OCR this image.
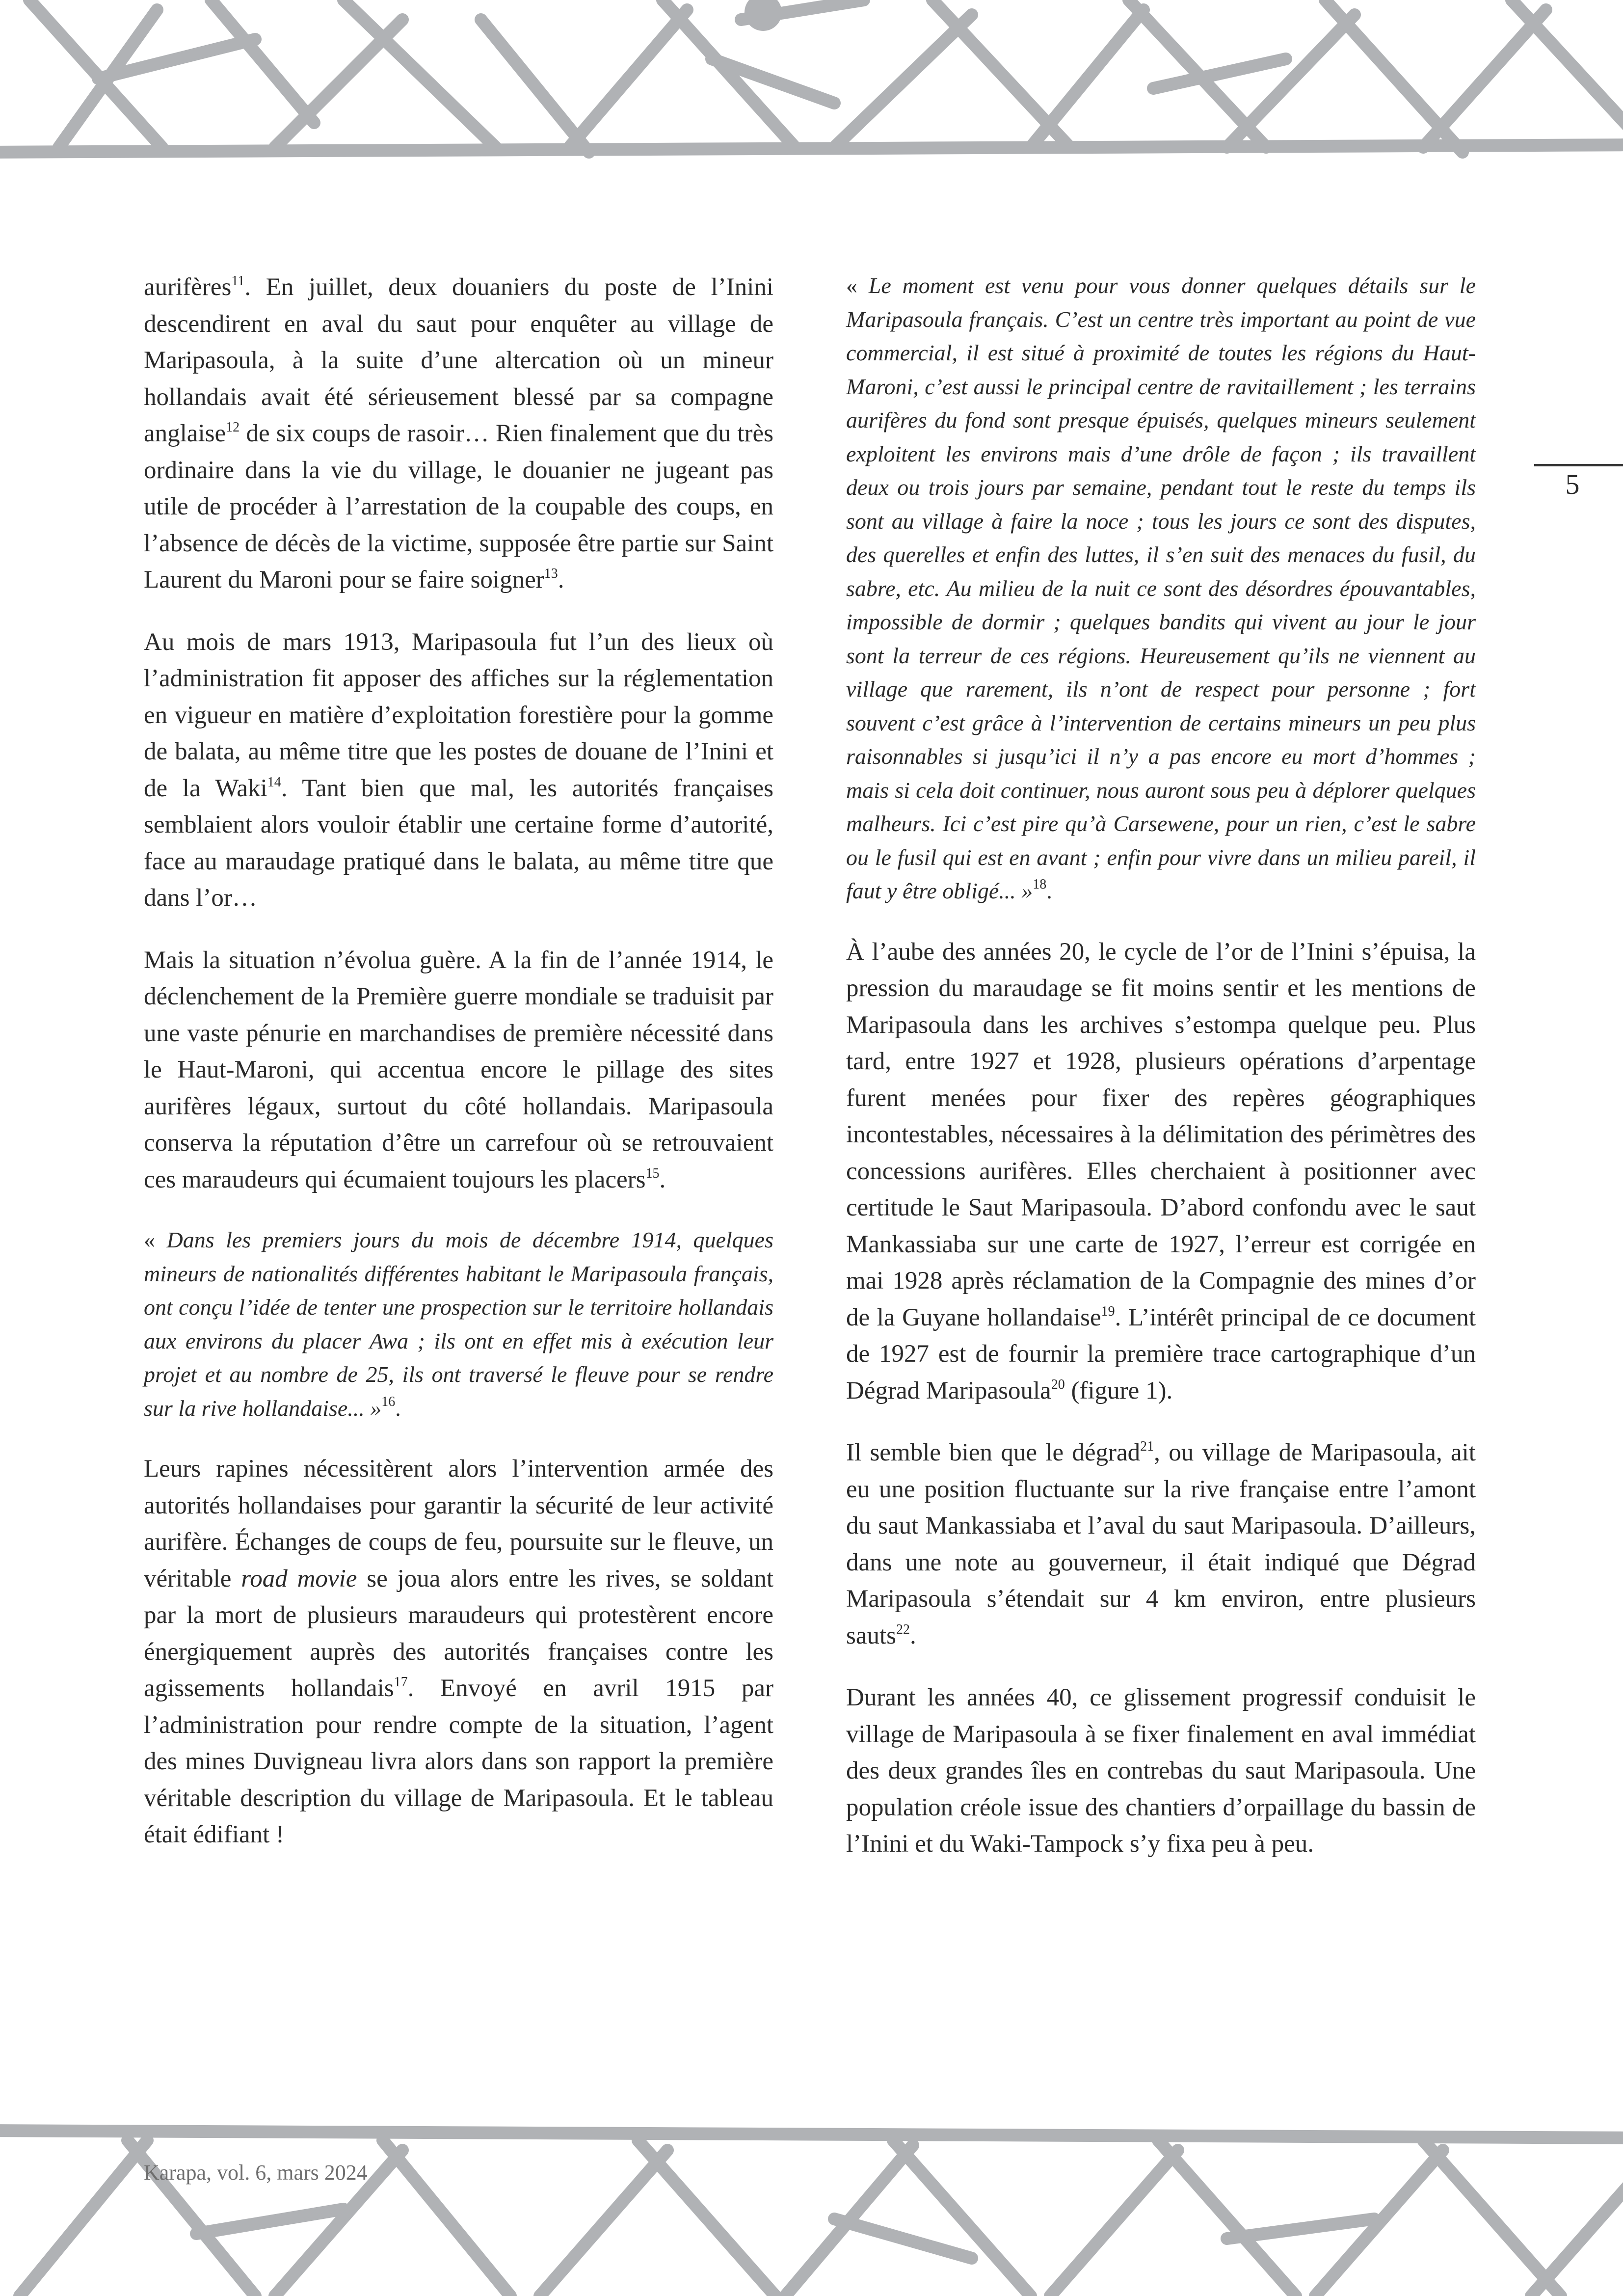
5

aurifères$^{11}$. En juillet, deux douaniers du poste de l’Inini descendirent en aval du saut pour enquêter au village de Maripasoula, à la suite d’une altercation où un mineur hollandais avait été sérieusement blessé par sa compagne anglaise$^{12}$ de six coups de rasoir… Rien finalement que du très ordinaire dans la vie du village, le douanier ne jugeant pas utile de procéder à l’arrestation de la coupable des coups, en l’absence de décès de la victime, supposée être partie sur Saint Laurent du Maroni pour se faire soigner$^{13}$.

Au mois de mars 1913, Maripasoula fut l’un des lieux où l’administration fit apposer des affiches sur la réglementation en vigueur en matière d’exploitation forestière pour la gomme de balata, au même titre que les postes de douane de l’Inini et de la Waki$^{14}$. Tant bien que mal, les autorités françaises semblaient alors vouloir établir une certaine forme d’autorité, face au maraudage pratiqué dans le balata, au même titre que dans l’or…

Mais la situation n’évolua guère. A la fin de l’année 1914, le déclenchement de la Première guerre mondiale se traduisit par une vaste pénurie en marchandises de première nécessité dans le Haut-Maroni, qui accentua encore le pillage des sites aurifères légaux, surtout du côté hollandais. Maripasoula conserva la réputation d’être un carrefour où se retrouvaient ces maraudeurs qui écumaient toujours les placers$^{15}$.

« Dans les premiers jours du mois de décembre 1914, quelques mineurs de nationalités différentes habitant le Maripasoula français, ont conçu l’idée de tenter une prospection sur le territoire hollandais aux environs du placer Awa ; ils ont en effet mis à exécution leur projet et au nombre de 25, ils ont traversé le fleuve pour se rendre sur la rive hollandaise... »$^{16}$.

Leurs rapines nécessitèrent alors l’intervention armée des autorités hollandaises pour garantir la sécurité de leur activité aurifère. Échanges de coups de feu, poursuite sur le fleuve, un véritable road movie se joua alors entre les rives, se soldant par la mort de plusieurs maraudeurs qui protestèrent encore énergiquement auprès des autorités françaises contre les agissements hollandais$^{17}$. Envoyé en avril 1915 par l’administration pour rendre compte de la situation, l’agent des mines Duvigneau livra alors dans son rapport la première véritable description du village de Maripasoula. Et le tableau était édifiant !

« Le moment est venu pour vous donner quelques détails sur le Maripasoula français. C’est un centre très important au point de vue commercial, il est situé à proximité de toutes les régions du Haut-Maroni, c’est aussi le principal centre de ravitaillement ; les terrains aurifères du fond sont presque épuisés, quelques mineurs seulement exploitent les environs mais d’une drôle de façon ; ils travaillent deux ou trois jours par semaine, pendant tout le reste du temps ils sont au village à faire la noce ; tous les jours ce sont des disputes, des querelles et enfin des luttes, il s’en suit des menaces du fusil, du sabre, etc. Au milieu de la nuit ce sont des désordres épouvantables, impossible de dormir ; quelques bandits qui vivent au jour le jour sont la terreur de ces régions. Heureusement qu’ils ne viennent au village que rarement, ils n’ont de respect pour personne ; fort souvent c’est grâce à l’intervention de certains mineurs un peu plus raisonnables si jusqu’ici il n’y a pas encore eu mort d’hommes ; mais si cela doit continuer, nous auront sous peu à déplorer quelques malheurs. Ici c’est pire qu’à Carsewene, pour un rien, c’est le sabre ou le fusil qui est en avant ; enfin pour vivre dans un milieu pareil, il faut y être obligé... »$^{18}$.

À l’aube des années 20, le cycle de l’or de l’Inini s’épuisa, la pression du maraudage se fit moins sentir et les mentions de Maripasoula dans les archives s’estompa quelque peu. Plus tard, entre 1927 et 1928, plusieurs opérations d’arpentage furent menées pour fixer des repères géographiques incontestables, nécessaires à la délimitation des périmètres des concessions aurifères. Elles cherchaient à positionner avec certitude le Saut Maripasoula. D’abord confondu avec le saut Mankassiaba sur une carte de 1927, l’erreur est corrigée en mai 1928 après réclamation de la Compagnie des mines d’or de la Guyane hollandaise$^{19}$. L’intérêt principal de ce document de 1927 est de fournir la première trace cartographique d’un Dégrad Maripasoula$^{20}$ (figure 1).

Il semble bien que le dégrad$^{21}$, ou village de Maripasoula, ait eu une position fluctuante sur la rive française entre l’amont du saut Mankassiaba et l’aval du saut Maripasoula. D’ailleurs, dans une note au gouverneur, il était indiqué que Dégrad Maripasoula s’étendait sur 4 km environ, entre plusieurs sauts$^{22}$.

Durant les années 40, ce glissement progressif conduisit le village de Maripasoula à se fixer finalement en aval immédiat des deux grandes îles en contrebas du saut Maripasoula. Une population créole issue des chantiers d’orpaillage du bassin de l’Inini et du Waki-Tampock s’y fixa peu à peu.

Karapa, vol. 6, mars 2024
